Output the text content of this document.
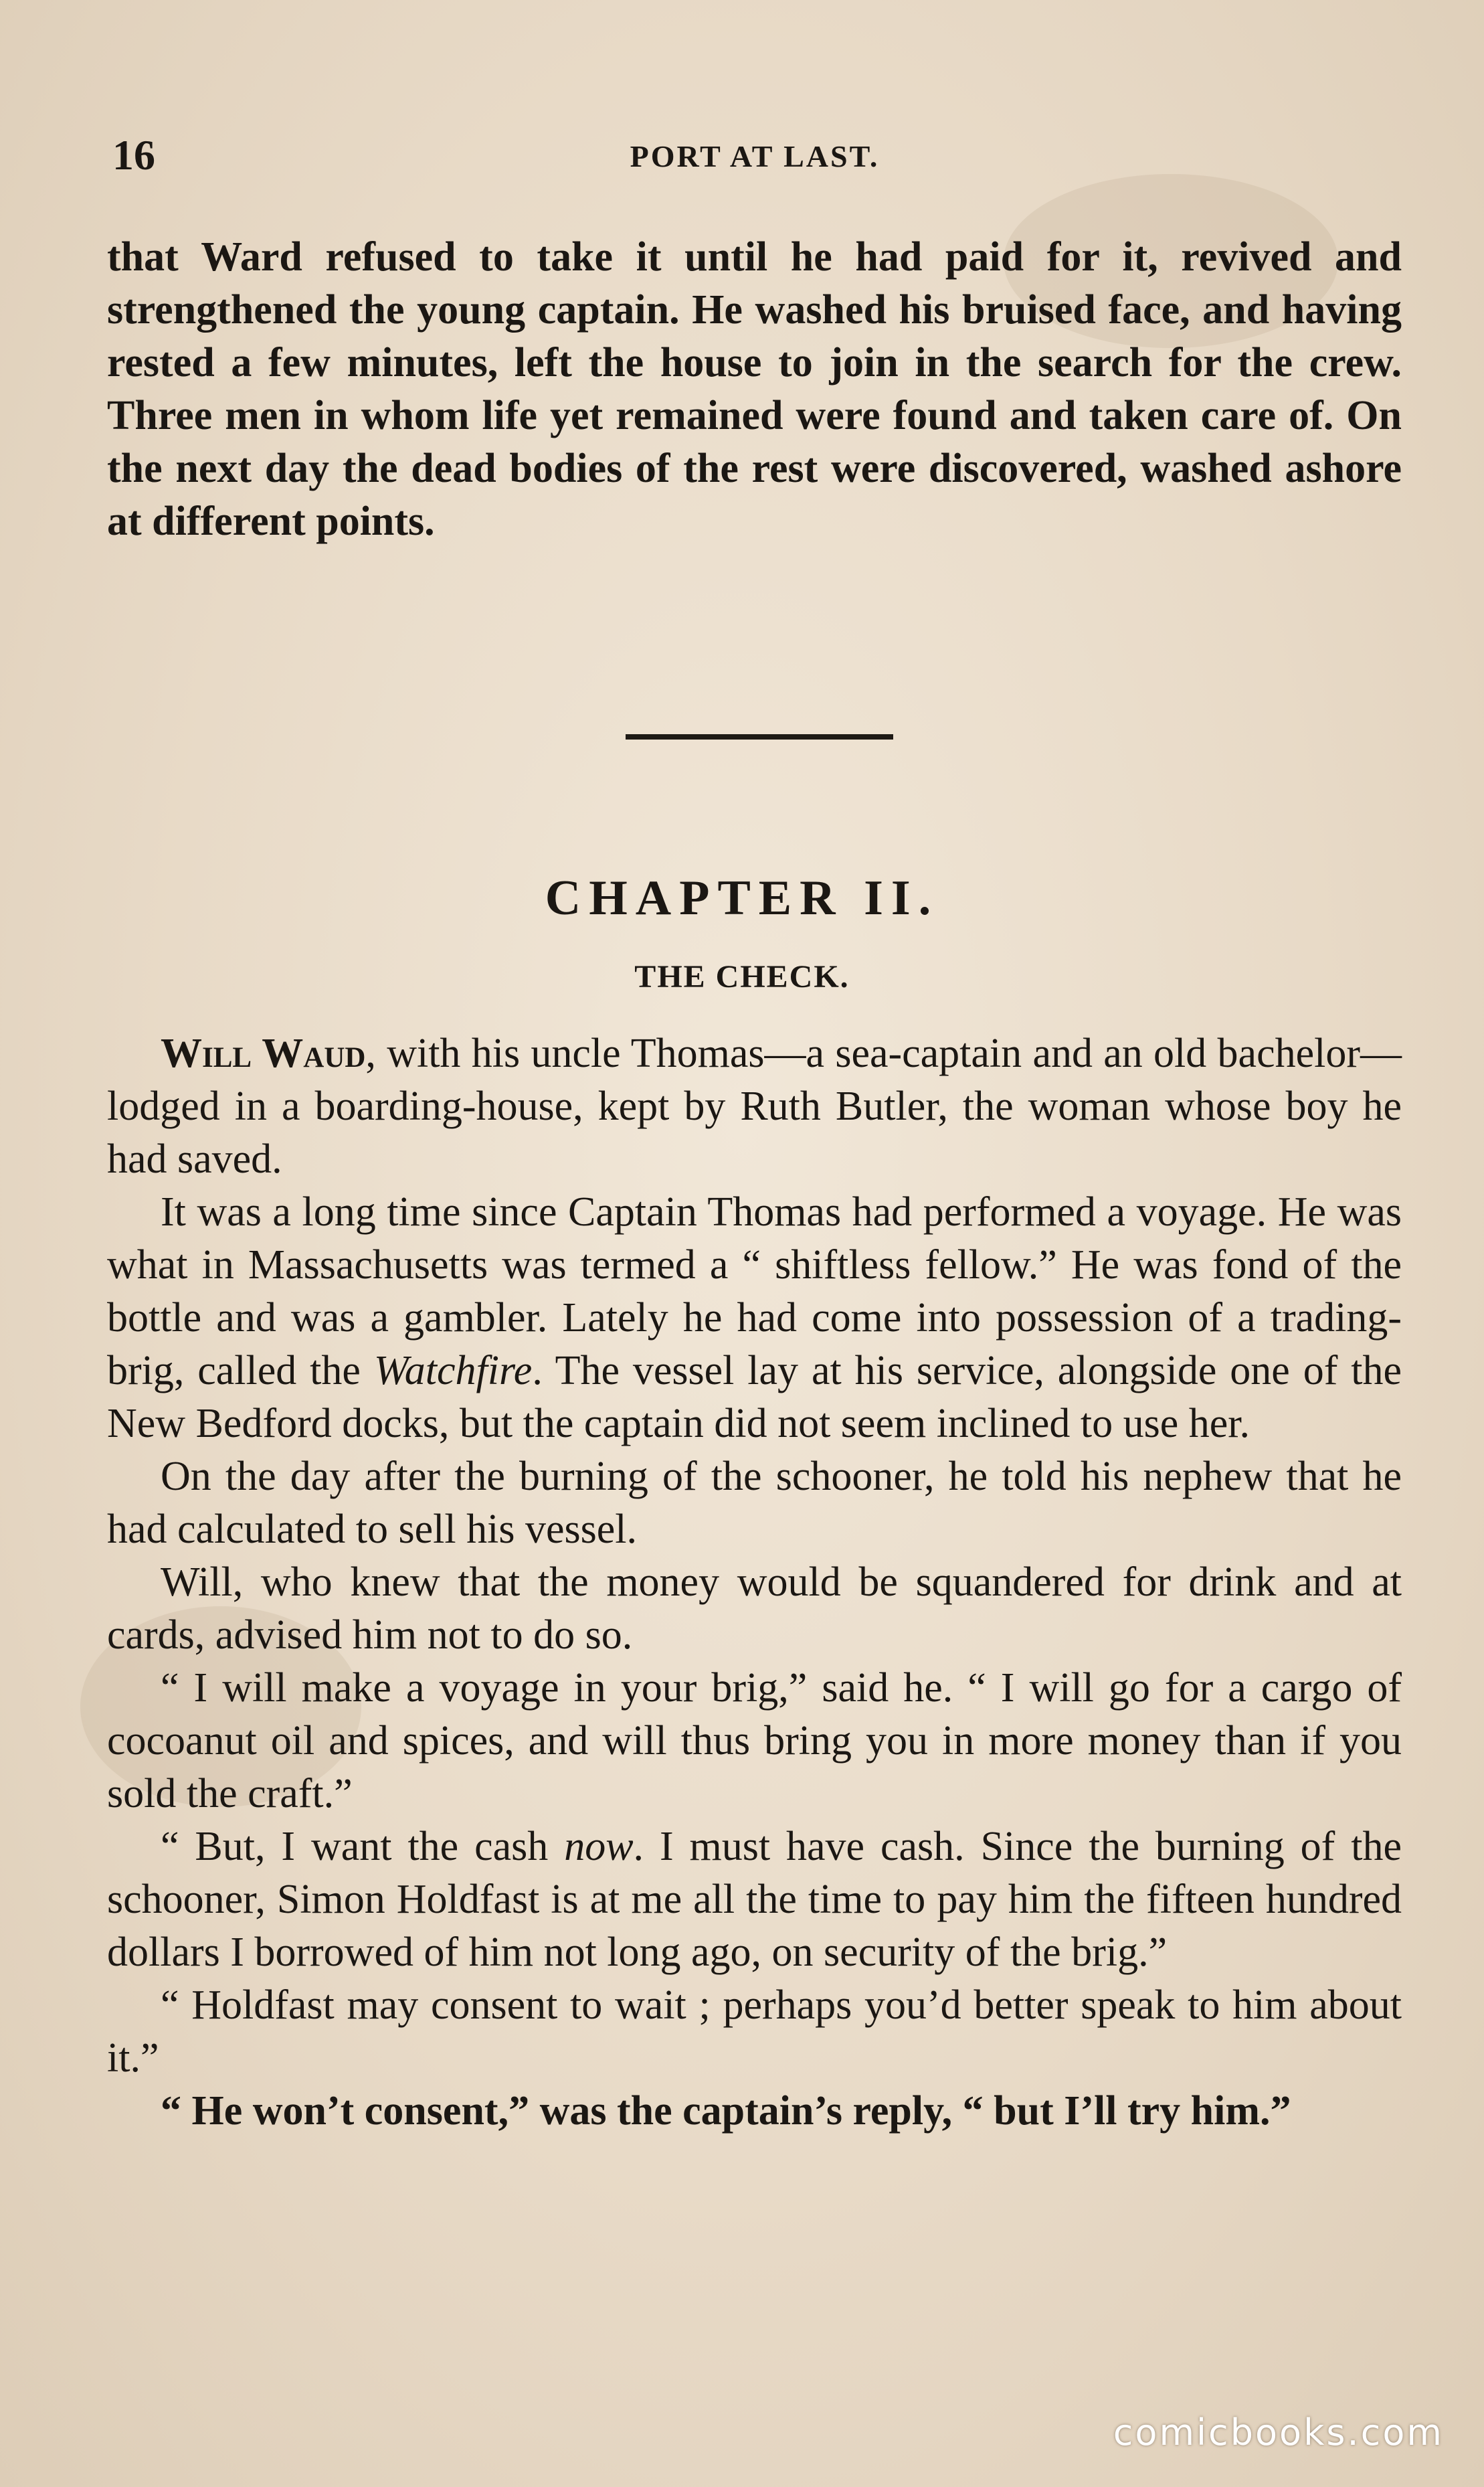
16	PORT AT LAST.

that Ward refused to take it until he had paid for it, revived and strengthened the young captain. He washed his bruised face, and having rested a few minutes, left the house to join in the search for the crew. Three men in whom life yet remained were found and taken care of. On the next day the dead bodies of the rest were discovered, washed ashore at different points.

CHAPTER II.
THE CHECK.

Will Waud, with his uncle Thomas—a sea-captain and an old bachelor—lodged in a boarding-house, kept by Ruth Butler, the woman whose boy he had saved.

It was a long time since Captain Thomas had performed a voyage. He was what in Massachusetts was termed a “ shiftless fellow.” He was fond of the bottle and was a gambler. Lately he had come into possession of a trading-brig, called the Watchfire. The vessel lay at his service, alongside one of the New Bedford docks, but the captain did not seem inclined to use her.

On the day after the burning of the schooner, he told his nephew that he had calculated to sell his vessel.

Will, who knew that the money would be squandered for drink and at cards, advised him not to do so.

“ I will make a voyage in your brig,” said he. “ I will go for a cargo of cocoanut oil and spices, and will thus bring you in more money than if you sold the craft.”

“ But, I want the cash now. I must have cash. Since the burning of the schooner, Simon Holdfast is at me all the time to pay him the fifteen hundred dollars I borrowed of him not long ago, on security of the brig.”

“ Holdfast may consent to wait ; perhaps you’d better speak to him about it.”

“ He won’t consent,” was the captain’s reply, “ but I’ll try him.”

comicbooks.com
